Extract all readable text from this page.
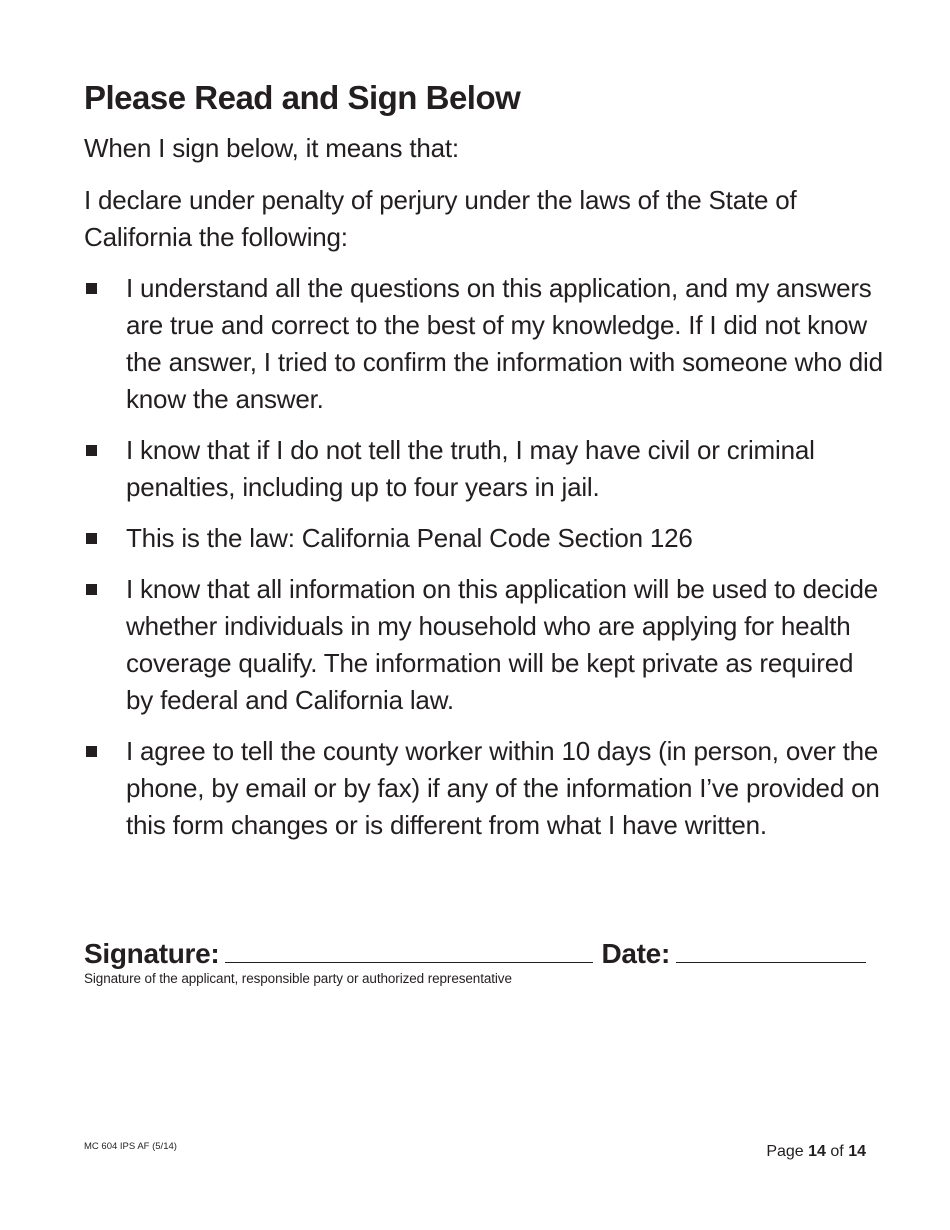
Please Read and Sign Below

When I sign below, it means that:

I declare under penalty of perjury under the laws of the State of California the following:

I understand all the questions on this application, and my answers are true and correct to the best of my knowledge. If I did not know the answer, I tried to confirm the information with someone who did know the answer.
I know that if I do not tell the truth, I may have civil or criminal penalties, including up to four years in jail.
This is the law: California Penal Code Section 126
I know that all information on this application will be used to decide whether individuals in my household who are applying for health coverage qualify. The information will be kept private as required by federal and California law.
I agree to tell the county worker within 10 days (in person, over the phone, by email or by fax) if any of the information I’ve provided on this form changes or is different from what I have written.
Signature:	Date:

Signature of the applicant, responsible party or authorized representative

MC 604 IPS AF (5/14)	Page 14 of 14
